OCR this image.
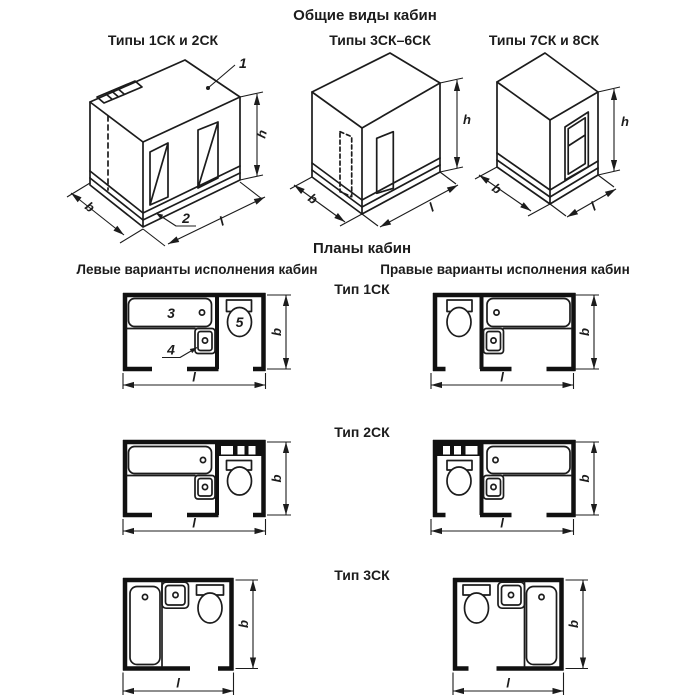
Общие виды кабин
Типы 1СК и 2СК	Типы 3СК–6СК	Типы 7СК и 8СК
Планы кабин
Левые варианты исполнения кабин	Правые варианты исполнения кабин
Тип 1СК
Тип 2СК
Тип 3СК
1
2
b
l
h
b
l
h
b
l
h
3
4
5
b
l
b
l
b
l
b
l
b
l
b
l
